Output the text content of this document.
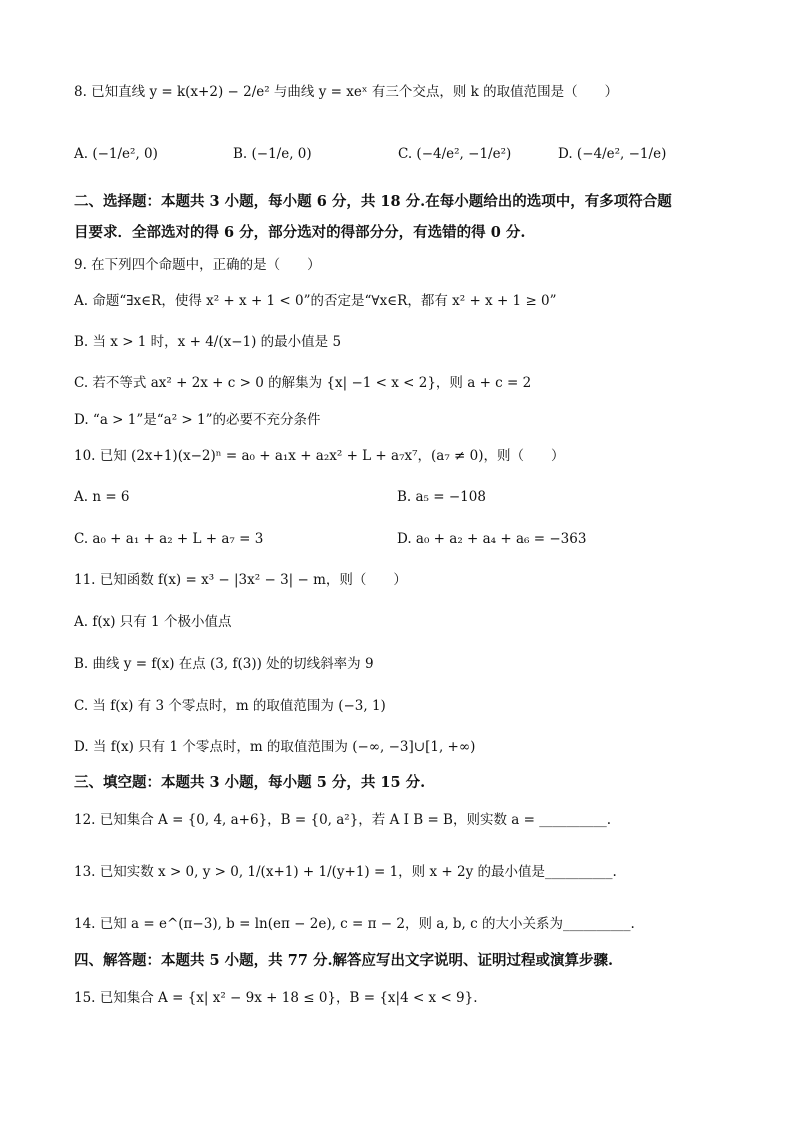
8. 已知直线 y = k(x+2) − 2/e² 与曲线 y = xeˣ 有三个交点，则 k 的取值范围是（　　）
A. (−1/e², 0)	B. (−1/e, 0)	C. (−4/e², −1/e²)	D. (−4/e², −1/e)
二、选择题：本题共 3 小题，每小题 6 分，共 18 分.在每小题给出的选项中，有多项符合题
目要求．全部选对的得 6 分，部分选对的得部分分，有选错的得 0 分.
9. 在下列四个命题中，正确的是（　　）
A. 命题“∃x∈R，使得 x² + x + 1 < 0”的否定是“∀x∈R，都有 x² + x + 1 ≥ 0”
B. 当 x > 1 时，x + 4/(x−1) 的最小值是 5
C. 若不等式 ax² + 2x + c > 0 的解集为 {x| −1 < x < 2}，则 a + c = 2
D. “a > 1”是“a² > 1”的必要不充分条件
10. 已知 (2x+1)(x−2)ⁿ = a₀ + a₁x + a₂x² + L + a₇x⁷，(a₇ ≠ 0)，则（　　）
A. n = 6	B. a₅ = −108
C. a₀ + a₁ + a₂ + L + a₇ = 3	D. a₀ + a₂ + a₄ + a₆ = −363
11. 已知函数 f(x) = x³ − |3x² − 3| − m，则（　　）
A. f(x) 只有 1 个极小值点
B. 曲线 y = f(x) 在点 (3, f(3)) 处的切线斜率为 9
C. 当 f(x) 有 3 个零点时，m 的取值范围为 (−3, 1)
D. 当 f(x) 只有 1 个零点时，m 的取值范围为 (−∞, −3]∪[1, +∞)
三、填空题：本题共 3 小题，每小题 5 分，共 15 分.
12. 已知集合 A = {0, 4, a+6}，B = {0, a²}，若 A I B = B，则实数 a = __________.
13. 已知实数 x > 0, y > 0, 1/(x+1) + 1/(y+1) = 1，则 x + 2y 的最小值是__________.
14. 已知 a = e^(π−3), b = ln(eπ − 2e), c = π − 2，则 a, b, c 的大小关系为__________.
四、解答题：本题共 5 小题，共 77 分.解答应写出文字说明、证明过程或演算步骤.
15. 已知集合 A = {x| x² − 9x + 18 ≤ 0}，B = {x|4 < x < 9}.
